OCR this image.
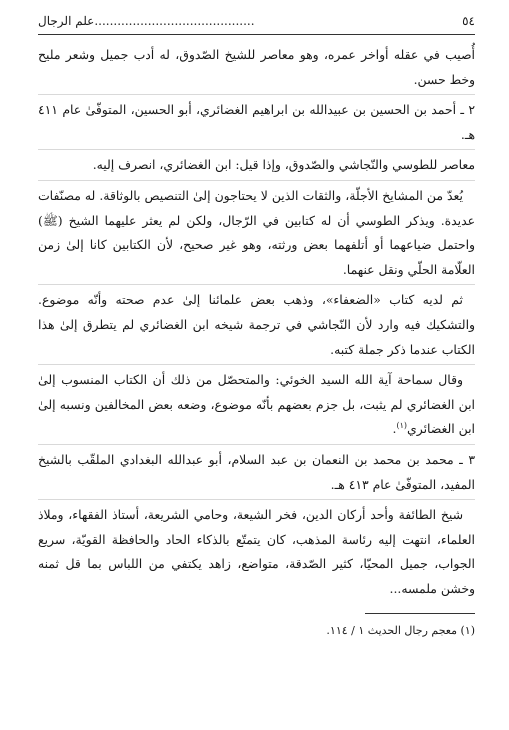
٥٤
..........................................علم الرجال

أُصيب في عقله أواخر عمره، وهو معاصر للشيخ الصّدوق، له أدب جميل وشعر مليح وخط حسن.

٢ ـ أحمد بن الحسين بن عبيدالله بن ابراهيم الغضائري، أبو الحسين، المتوفّىٰ عام ٤١١ هـ.

معاصر للطوسي والنّجاشي والصّدوق، وإذا قيل: ابن الغضائري، انصرف إليه.

يُعدّ من المشايخ الأجلّة، والثقات الذين لا يحتاجون إلىٰ التنصيص بالوثاقة. له مصنّفات عديدة. ويذكر الطوسي أن له كتابين في الرّجال، ولكن لم يعثر عليهما الشيخ (ﷺ) واحتمل ضياعهما أو أتلفهما بعض ورثته، وهو غير صحيح، لأن الكتابين كانا إلىٰ زمن العلّامة الحلّي ونقل عنهما.

ثم لديه كتاب «الضعفاء»، وذهب بعض علمائنا إلىٰ عدم صحته وأنّه موضوع. والتشكيك فيه وارد لأن النّجاشي في ترجمة شيخه ابن الغضائري لم يتطرق إلىٰ هذا الكتاب عندما ذكر جملة كتبه.

وقال سماحة آية الله السيد الخوئي: والمتحصّل من ذلك أن الكتاب المنسوب إلىٰ ابن الغضائري لم يثبت، بل جزم بعضهم بأنّه موضوع، وضعه بعض المخالفين ونسبه إلىٰ ابن الغضائري$^{(١)}$.

٣ ـ محمد بن محمد بن النعمان بن عبد السلام، أبو عبدالله البغدادي الملقّب بالشيخ المفيد، المتوفّىٰ عام ٤١٣ هـ.

شيخ الطائفة وأحد أركان الدين، فخر الشيعة، وحامي الشريعة، أستاذ الفقهاء، وملاذ العلماء، انتهت إليه رئاسة المذهب، كان يتمتّع بالذكاء الحاد والحافظة القويّة، سريع الجواب، جميل المحيّا، كثير الصّدقة، متواضع، زاهد يكتفي من اللباس بما قل ثمنه وخشن ملمسه...

(١) معجم رجال الحديث ١ / ١١٤.
